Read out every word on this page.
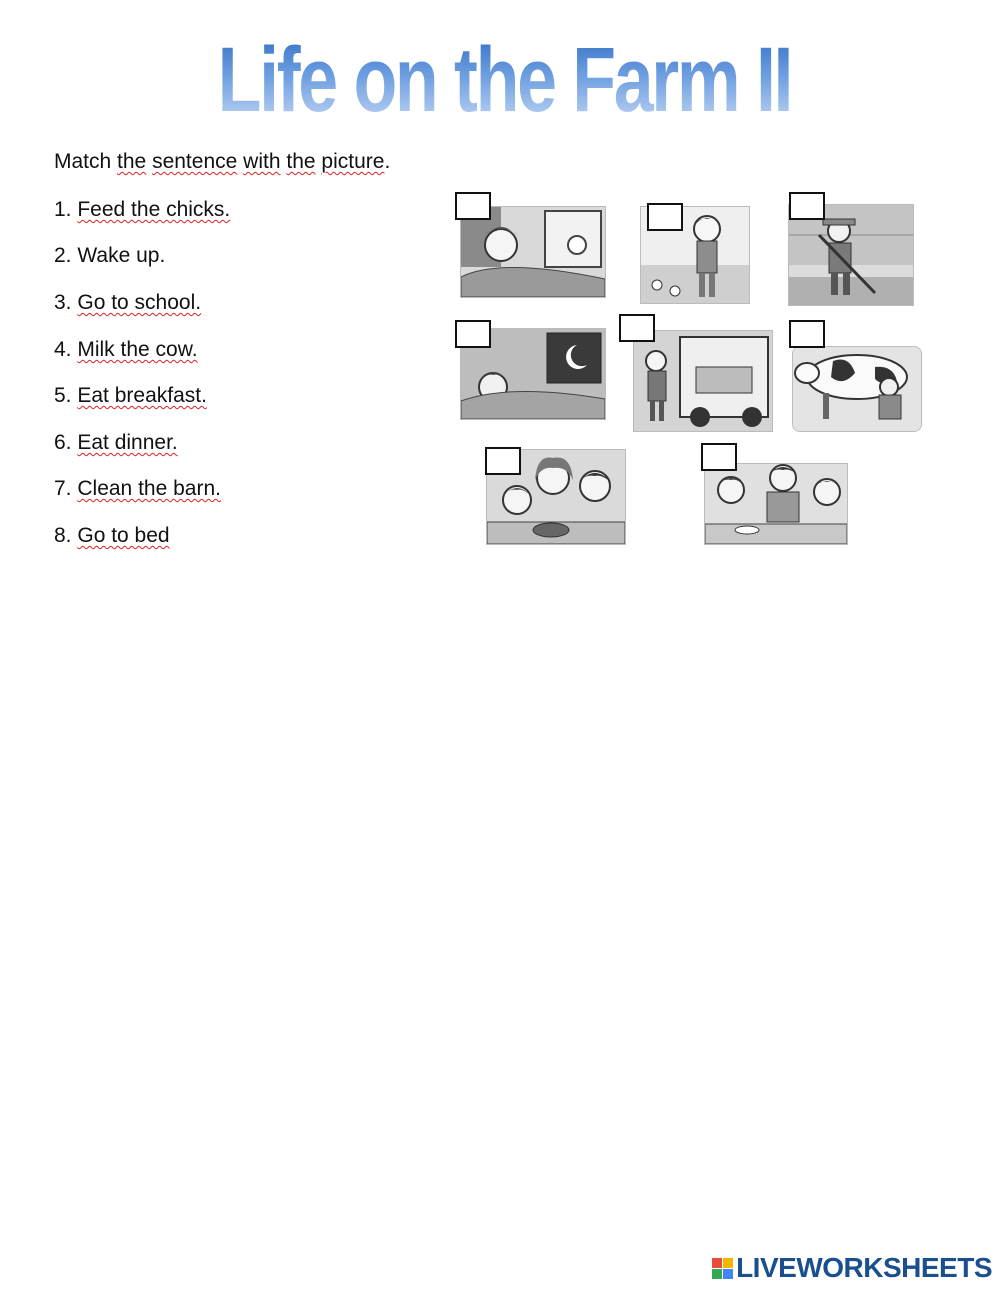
Life on the Farm II
Match the sentence with the picture.
1. Feed the chicks.
2. Wake up.
3. Go to school.
4. Milk the cow.
5. Eat breakfast.
6. Eat dinner.
7. Clean the barn.
8. Go to bed
LIVEWORKSHEETS
